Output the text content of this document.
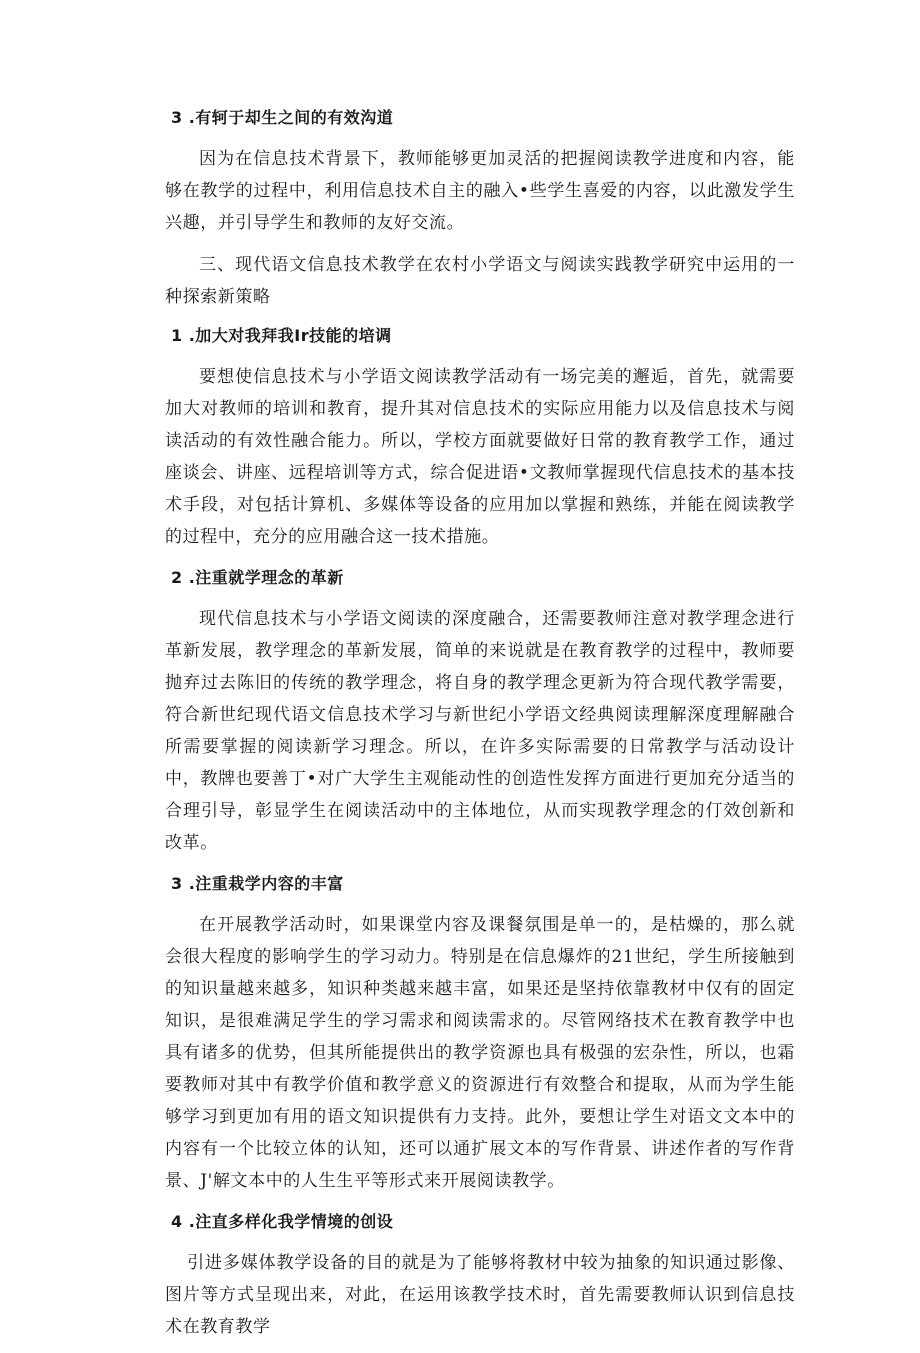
3 .有轲于却生之间的有效沟道
因为在信息技术背景下，教师能够更加灵活的把握阅读教学进度和内容，能够在教学的过程中，利用信息技术自主的融入•些学生喜爱的内容，以此激发学生兴趣，并引导学生和教师的友好交流。
三、现代语文信息技术教学在农村小学语文与阅读实践教学研究中运用的一种探索新策略
1 .加大对我拜我Ir技能的培调
要想使信息技术与小学语文阅读教学活动有一场完美的邂逅，首先，就需要加大对教师的培训和教育，提升其对信息技术的实际应用能力以及信息技术与阅读活动的有效性融合能力。所以，学校方面就要做好日常的教育教学工作，通过座谈会、讲座、远程培训等方式，综合促进语•文教师掌握现代信息技术的基本技术手段，对包括计算机、多媒体等设备的应用加以掌握和熟练，并能在阅读教学的过程中，充分的应用融合这一技术措施。
2 .注重就学理念的革新
现代信息技术与小学语文阅读的深度融合，还需要教师注意对教学理念进行革新发展，教学理念的革新发展，简单的来说就是在教育教学的过程中，教师要抛弃过去陈旧的传统的教学理念，将自身的教学理念更新为符合现代教学需要，符合新世纪现代语文信息技术学习与新世纪小学语文经典阅读理解深度理解融合所需要掌握的阅读新学习理念。所以，在许多实际需要的日常教学与活动设计中，教牌也要善丁•对广大学生主观能动性的创造性发挥方面进行更加充分适当的合理引导，彰显学生在阅读活动中的主体地位，从而实现教学理念的仃效创新和改革。
3 .注重栽学内容的丰富
在开展教学活动时，如果课堂内容及课餐氛围是单一的，是枯燥的，那么就会很大程度的影响学生的学习动力。特别是在信息爆炸的21世纪，学生所接触到的知识量越来越多，知识种类越来越丰富，如果还是坚持依靠教材中仅有的固定知识，是很难满足学生的学习需求和阅读需求的。尽管网络技术在教育教学中也具有诸多的优势，但其所能提供出的教学资源也具有极强的宏杂性，所以，也霜要教师对其中有教学价值和教学意义的资源进行有效整合和提取，从而为学生能够学习到更加有用的语文知识提供有力支持。此外，要想让学生对语文文本中的内容有一个比较立体的认知，还可以通扩展文本的写作背景、讲述作者的写作背景、J'解文本中的人生生平等形式来开展阅读教学。
4 .注直多样化我学情境的创设
引进多媒体教学设备的目的就是为了能够将教材中较为抽象的知识通过影像、图片等方式呈现出来，对此，在运用该教学技术时，首先需要教师认识到信息技术在教育教学
